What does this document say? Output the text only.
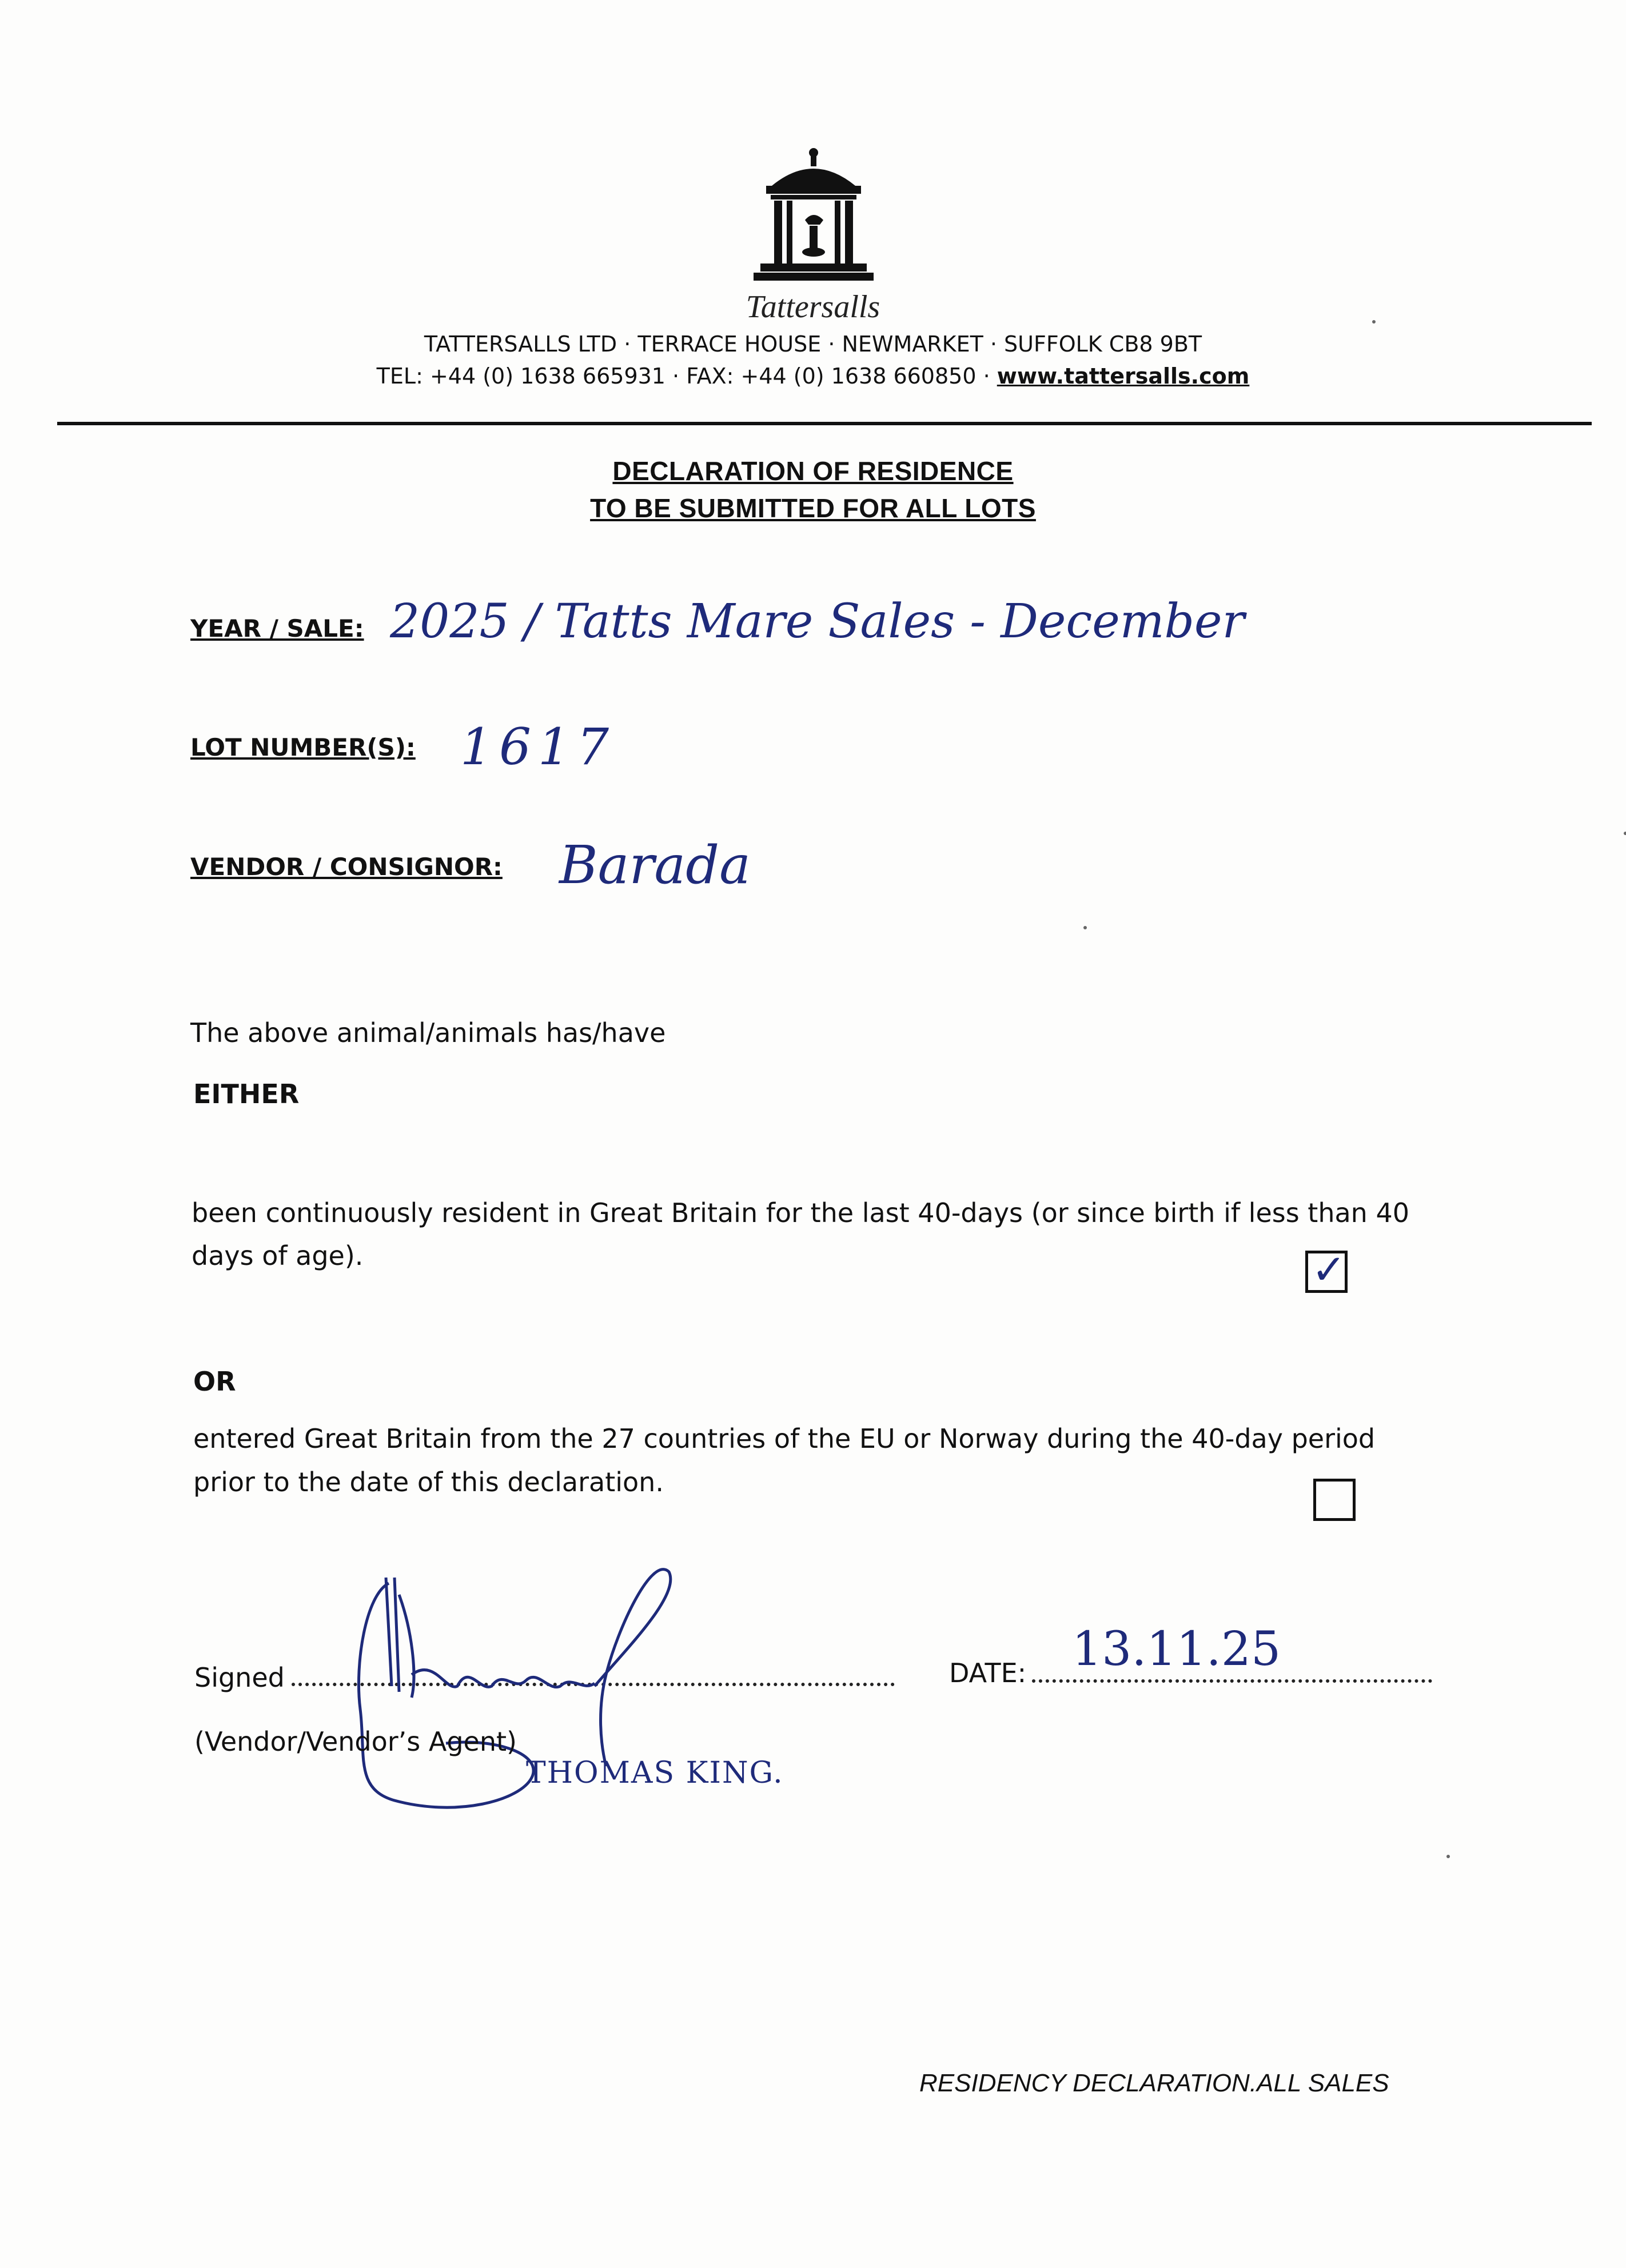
Tattersalls
TATTERSALLS LTD · TERRACE HOUSE · NEWMARKET · SUFFOLK CB8 9BT
TEL: +44 (0) 1638 665931 · FAX: +44 (0) 1638 660850 · www.tattersalls.com
DECLARATION OF RESIDENCE
TO BE SUBMITTED FOR ALL LOTS
YEAR / SALE: 2025 / Tatts Mare Sales - December
LOT NUMBER(S): 1617
VENDOR / CONSIGNOR: Barada
The above animal/animals has/have
EITHER
been continuously resident in Great Britain for the last 40-days (or since birth if less than 40
days of age).	✓
OR
entered Great Britain from the 27 countries of the EU or Norway during the 40-day period
prior to the date of this declaration.
Signed
THOMAS KING.
(Vendor/Vendor’s Agent)
DATE: 13.11.25
RESIDENCY DECLARATION.ALL SALES
